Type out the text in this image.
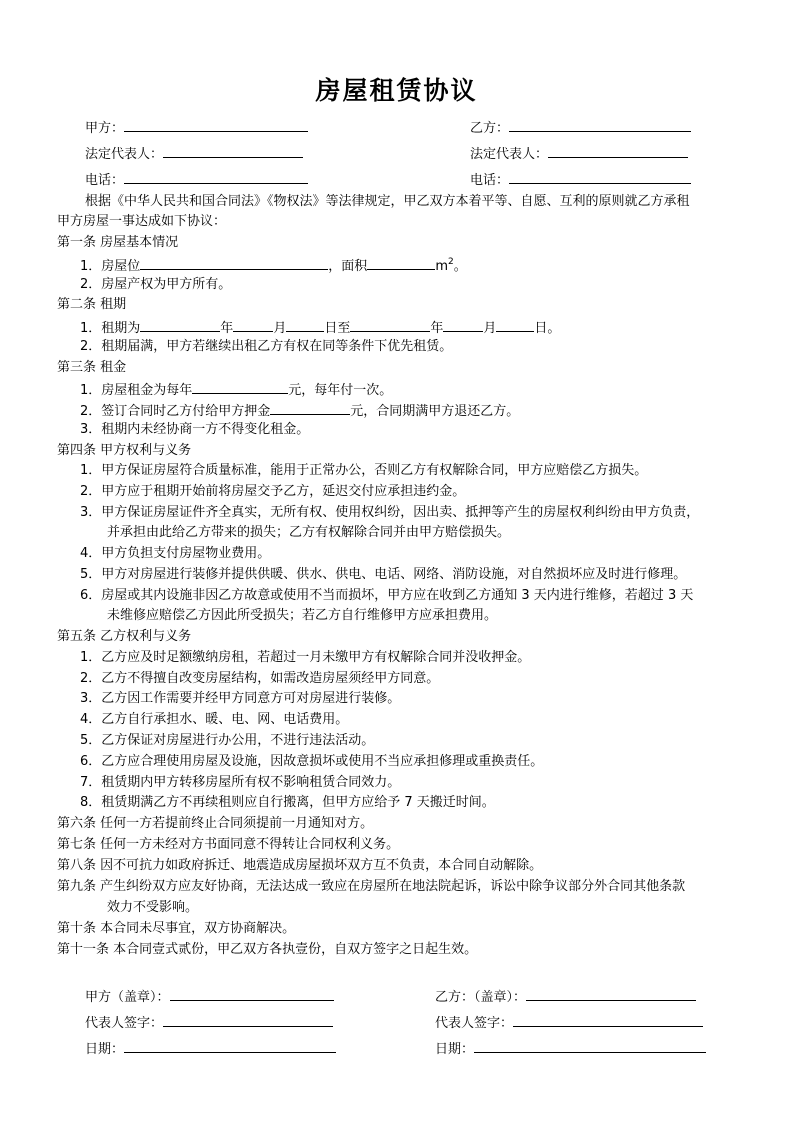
房屋租赁协议
甲方：	乙方：
法定代表人：	法定代表人：
电话：	电话：
根据《中华人民共和国合同法》《物权法》等法律规定，甲乙双方本着平等、自愿、互利的原则就乙方承租
甲方房屋一事达成如下协议：
第一条 房屋基本情况
1．房屋位	，面积	$m^2$。
2．房屋产权为甲方所有。
第二条 租期
1．租期为	年	月	日至	年	月	日。
2．租期届满，甲方若继续出租乙方有权在同等条件下优先租赁。
第三条 租金
1．房屋租金为每年	元，每年付一次。
2．签订合同时乙方付给甲方押金	元，合同期满甲方退还乙方。
3．租期内未经协商一方不得变化租金。
第四条 甲方权利与义务
1．甲方保证房屋符合质量标准，能用于正常办公，否则乙方有权解除合同，甲方应赔偿乙方损失。
2．甲方应于租期开始前将房屋交予乙方，延迟交付应承担违约金。
3．甲方保证房屋证件齐全真实，无所有权、使用权纠纷，因出卖、抵押等产生的房屋权利纠纷由甲方负责，
并承担由此给乙方带来的损失；乙方有权解除合同并由甲方赔偿损失。
4．甲方负担支付房屋物业费用。
5．甲方对房屋进行装修并提供供暖、供水、供电、电话、网络、消防设施，对自然损坏应及时进行修理。
6．房屋或其内设施非因乙方故意或使用不当而损坏，甲方应在收到乙方通知 3 天内进行维修，若超过 3 天
未维修应赔偿乙方因此所受损失；若乙方自行维修甲方应承担费用。
第五条 乙方权利与义务
1．乙方应及时足额缴纳房租，若超过一月未缴甲方有权解除合同并没收押金。
2．乙方不得擅自改变房屋结构，如需改造房屋须经甲方同意。
3．乙方因工作需要并经甲方同意方可对房屋进行装修。
4．乙方自行承担水、暖、电、网、电话费用。
5．乙方保证对房屋进行办公用，不进行违法活动。
6．乙方应合理使用房屋及设施，因故意损坏或使用不当应承担修理或重换责任。
7．租赁期内甲方转移房屋所有权不影响租赁合同效力。
8．租赁期满乙方不再续租则应自行搬离，但甲方应给予 7 天搬迁时间。
第六条 任何一方若提前终止合同须提前一月通知对方。
第七条 任何一方未经对方书面同意不得转让合同权利义务。
第八条 因不可抗力如政府拆迁、地震造成房屋损坏双方互不负责，本合同自动解除。
第九条 产生纠纷双方应友好协商，无法达成一致应在房屋所在地法院起诉，诉讼中除争议部分外合同其他条款
效力不受影响。
第十条 本合同未尽事宜，双方协商解决。
第十一条 本合同壹式贰份，甲乙双方各执壹份，自双方签字之日起生效。
甲方（盖章）：	乙方：（盖章）：
代表人签字：	代表人签字：
日期：	日期：
